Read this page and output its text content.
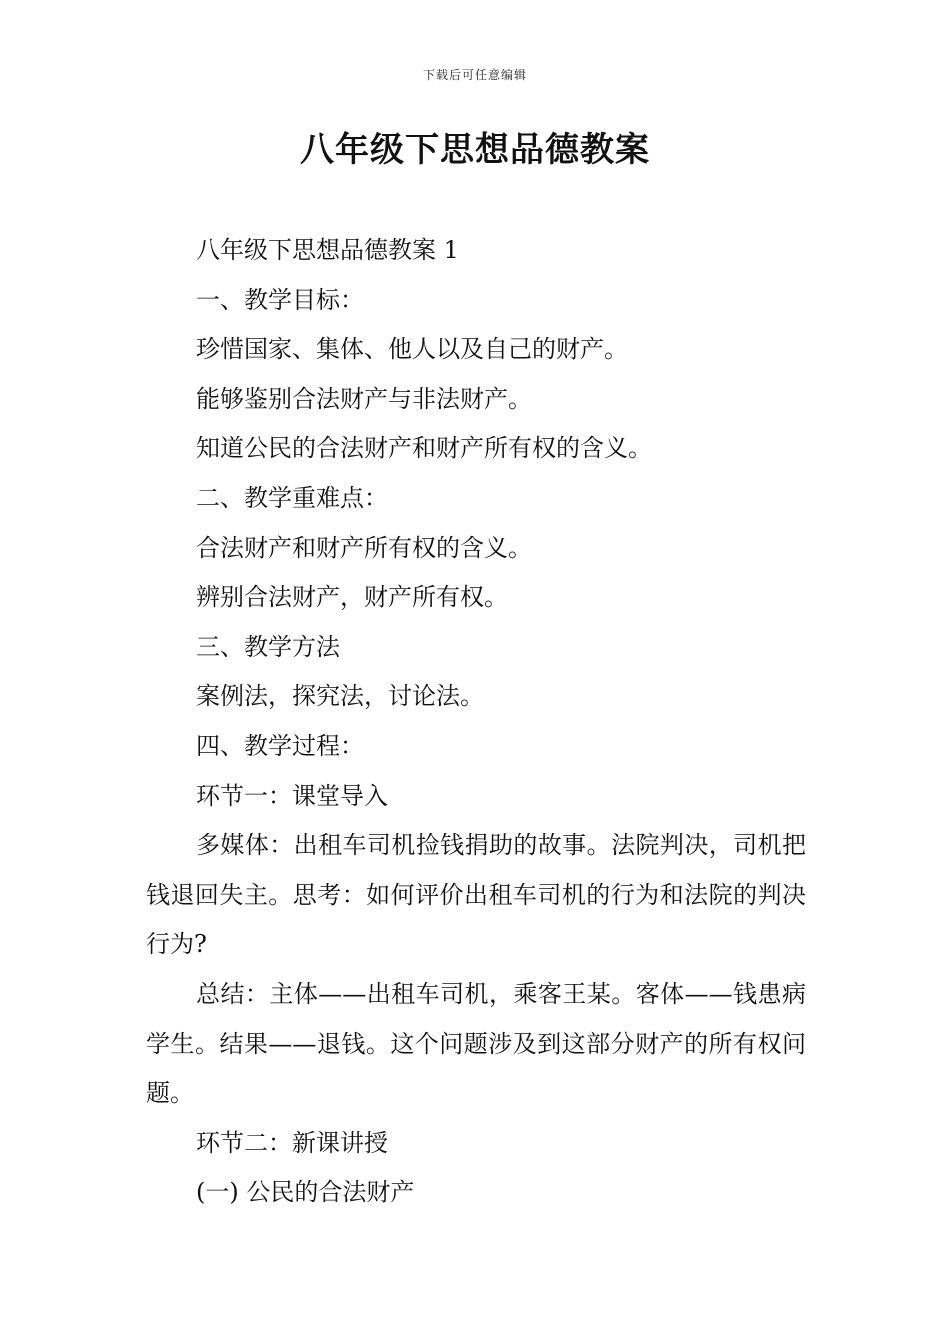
下载后可任意编辑
八年级下思想品德教案

八年级下思想品德教案 1

一、教学目标：

珍惜国家、集体、他人以及自己的财产。

能够鉴别合法财产与非法财产。

知道公民的合法财产和财产所有权的含义。

二、教学重难点：

合法财产和财产所有权的含义。

辨别合法财产，财产所有权。

三、教学方法

案例法，探究法，讨论法。

四、教学过程：

环节一：课堂导入

多媒体：出租车司机捡钱捐助的故事。法院判决，司机把钱退回失主。思考：如何评价出租车司机的行为和法院的判决行为?

总结：主体——出租车司机，乘客王某。客体——钱患病学生。结果——退钱。这个问题涉及到这部分财产的所有权问题。

环节二：新课讲授

(一) 公民的合法财产
